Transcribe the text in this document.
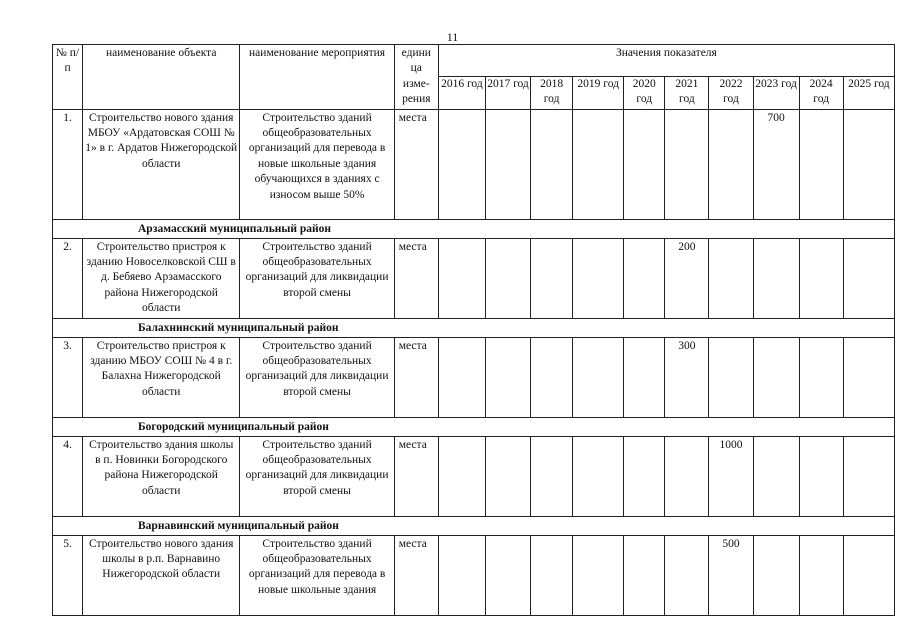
11
№ п/п	наименование объекта	наименование мероприятия	едини
ца
изме-
рения	Значения показателя									
				2016 год	2017 год	2018 год	2019 год	2020 год	2021 год	2022 год	2023 год	2024 год	2025 год
1.	Строительство нового здания МБОУ «Ардатовская СОШ № 1» в г. Ардатов Нижегородской области	Строительство зданий общеобразовательных организаций для перевода в новые школьные здания обучающихся в зданиях с износом выше 50%	места								700		
Арзамасский муниципальный район													
2.	Строительство пристроя к зданию Новоселковской СШ в д. Бебяево Арзамасского района Нижегородской области	Строительство зданий общеобразовательных организаций для ликвидации второй смены	места						200				
Балахнинский муниципальный район													
3.	Строительство пристроя к зданию МБОУ СОШ № 4 в г. Балахна Нижегородской области	Строительство зданий общеобразовательных организаций для ликвидации второй смены	места						300				
Богородский муниципальный район													
4.	Строительство здания школы в п. Новинки Богородского района Нижегородской области	Строительство зданий общеобразовательных организаций для ликвидации второй смены	места							1000			
Варнавинский муниципальный район													
5.	Строительство нового здания школы в р.п. Варнавино Нижегородской области	Строительство зданий общеобразовательных организаций для перевода в новые школьные здания	места							500			
